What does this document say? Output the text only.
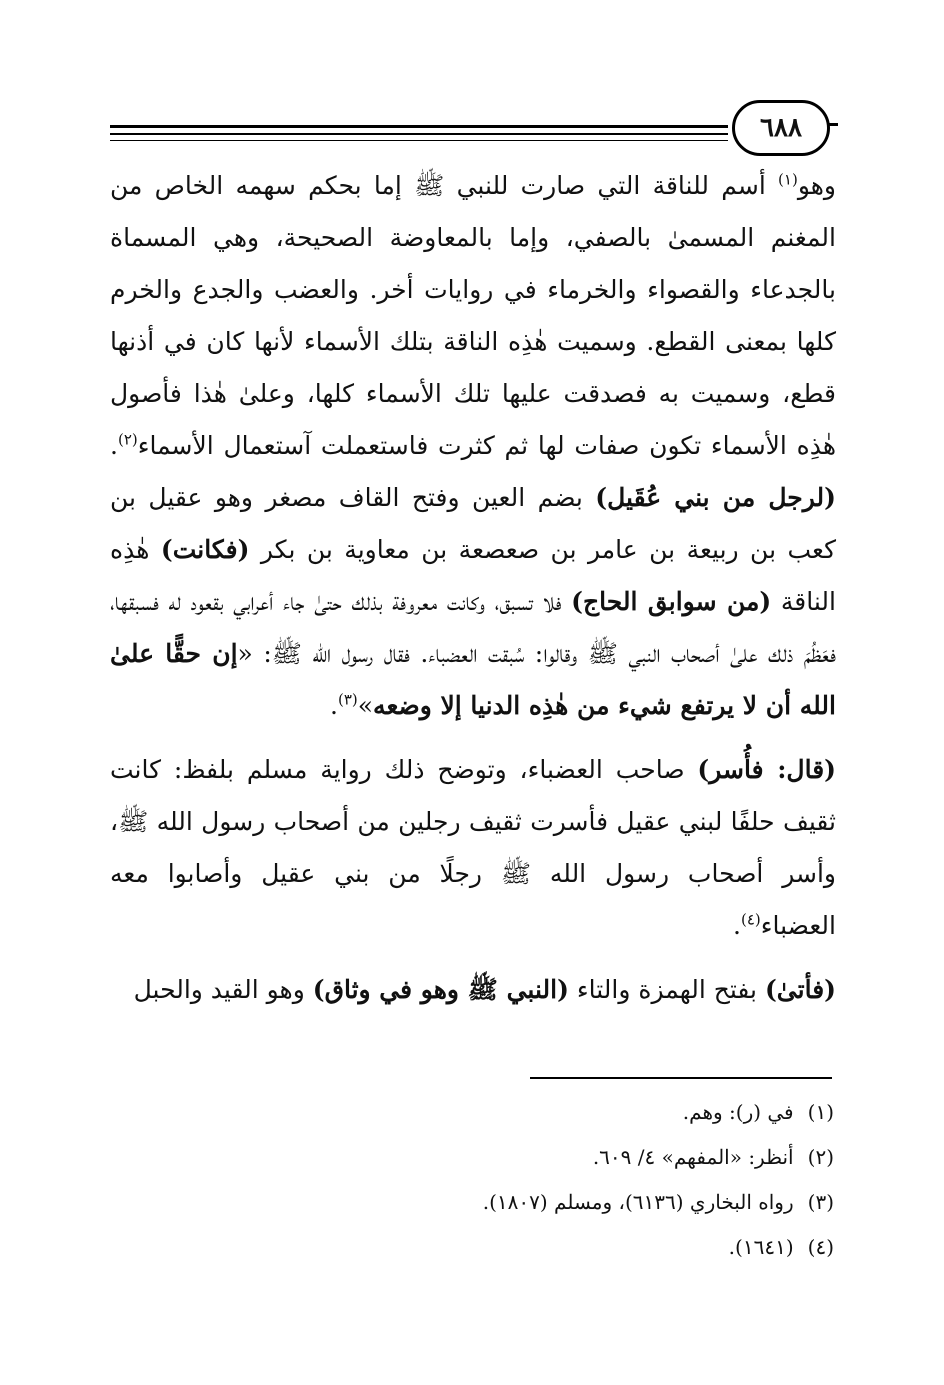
٦٨٨

وهو$^{(١)}$ أسم للناقة التي صارت للنبي ﷺ إما بحكم سهمه الخاص من المغنم المسمىٰ بالصفي، وإما بالمعاوضة الصحيحة، وهي المسماة بالجدعاء والقصواء والخرماء في روايات أخر. والعضب والجدع والخرم كلها بمعنى القطع. وسميت هٰذِه الناقة بتلك الأسماء لأنها كان في أذنها قطع، وسميت به فصدقت عليها تلك الأسماء كلها، وعلىٰ هٰذا فأصول هٰذِه الأسماء تكون صفات لها ثم كثرت فاستعملت آستعمال الأسماء$^{(٢)}$. (لرجل من بني عُقَيل) بضم العين وفتح القاف مصغر وهو عقيل بن كعب بن ربيعة بن عامر بن صعصعة بن معاوية بن بكر (فكانت) هٰذِه الناقة (من سوابق الحاج) فلا تسبق، وكانت معروفة بذلك حتىٰ جاء أعرابي بقعود له فسبقها، فعَظُمَ ذلك علىٰ أصحاب النبي ﷺ وقالوا: سُبقت العضباء. فقال رسول الله ﷺ: «إن حقًّا علىٰ الله أن لا يرتفع شيء من هٰذِه الدنيا إلا وضعه»$^{(٣)}$.

(قال: فأُسر) صاحب العضباء، وتوضح ذلك رواية مسلم بلفظ: كانت ثقيف حلفًا لبني عقيل فأسرت ثقيف رجلين من أصحاب رسول الله ﷺ، وأسر أصحاب رسول الله ﷺ رجلًا من بني عقيل وأصابوا معه العضباء$^{(٤)}$.

(فأتىٰ) بفتح الهمزة والتاء (النبي ﷺ وهو في وثاق) وهو القيد والحبل

(١)في (ر): وهم.
(٢)أنظر: «المفهم» ٤/ ٦٠٩.
(٣)رواه البخاري (٦١٣٦)، ومسلم (١٨٠٧).
(٤)(١٦٤١).
